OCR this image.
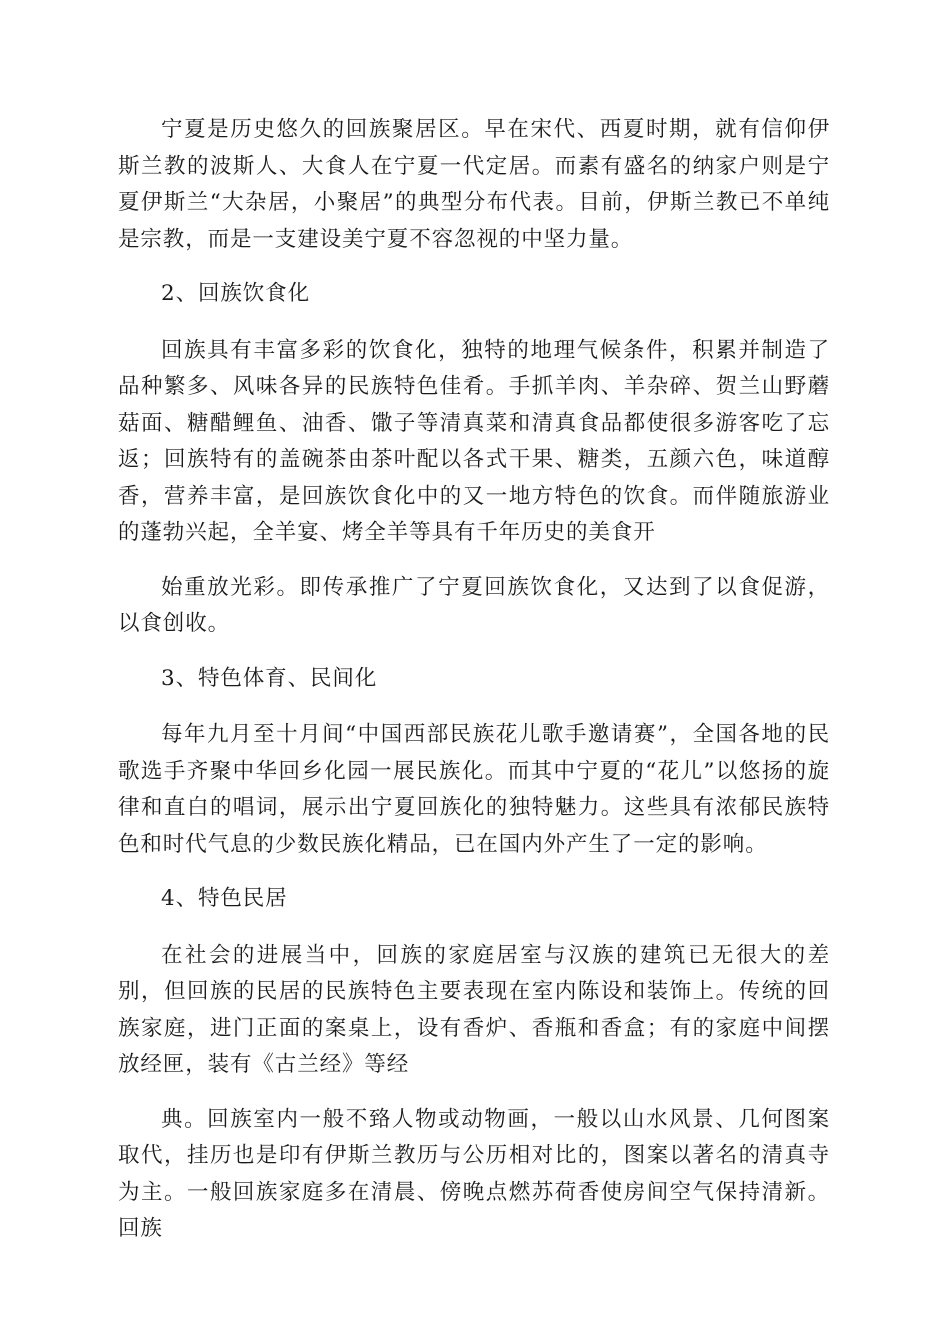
宁夏是历史悠久的回族聚居区。早在宋代、西夏时期，就有信仰伊斯兰教的波斯人、大食人在宁夏一代定居。而素有盛名的纳家户则是宁夏伊斯兰“大杂居，小聚居”的典型分布代表。目前，伊斯兰教已不单纯是宗教，而是一支建设美宁夏不容忽视的中坚力量。

2、回族饮食化

回族具有丰富多彩的饮食化，独特的地理气候条件，积累并制造了品种繁多、风味各异的民族特色佳肴。手抓羊肉、羊杂碎、贺兰山野蘑菇面、糖醋鲤鱼、油香、馓子等清真菜和清真食品都使很多游客吃了忘返；回族特有的盖碗茶由茶叶配以各式干果、糖类，五颜六色，味道醇香，营养丰富，是回族饮食化中的又一地方特色的饮食。而伴随旅游业的蓬勃兴起，全羊宴、烤全羊等具有千年历史的美食开

始重放光彩。即传承推广了宁夏回族饮食化，又达到了以食促游，以食创收。

3、特色体育、民间化

每年九月至十月间“中国西部民族花儿歌手邀请赛”，全国各地的民歌选手齐聚中华回乡化园一展民族化。而其中宁夏的“花儿”以悠扬的旋律和直白的唱词，展示出宁夏回族化的独特魅力。这些具有浓郁民族特色和时代气息的少数民族化精品，已在国内外产生了一定的影响。

4、特色民居

在社会的进展当中，回族的家庭居室与汉族的建筑已无很大的差别，但回族的民居的民族特色主要表现在室内陈设和装饰上。传统的回族家庭，进门正面的案桌上，设有香炉、香瓶和香盒；有的家庭中间摆放经匣，装有《古兰经》等经

典。回族室内一般不臵人物或动物画，一般以山水风景、几何图案取代，挂历也是印有伊斯兰教历与公历相对比的，图案以著名的清真寺为主。一般回族家庭多在清晨、傍晚点燃苏荷香使房间空气保持清新。回族
